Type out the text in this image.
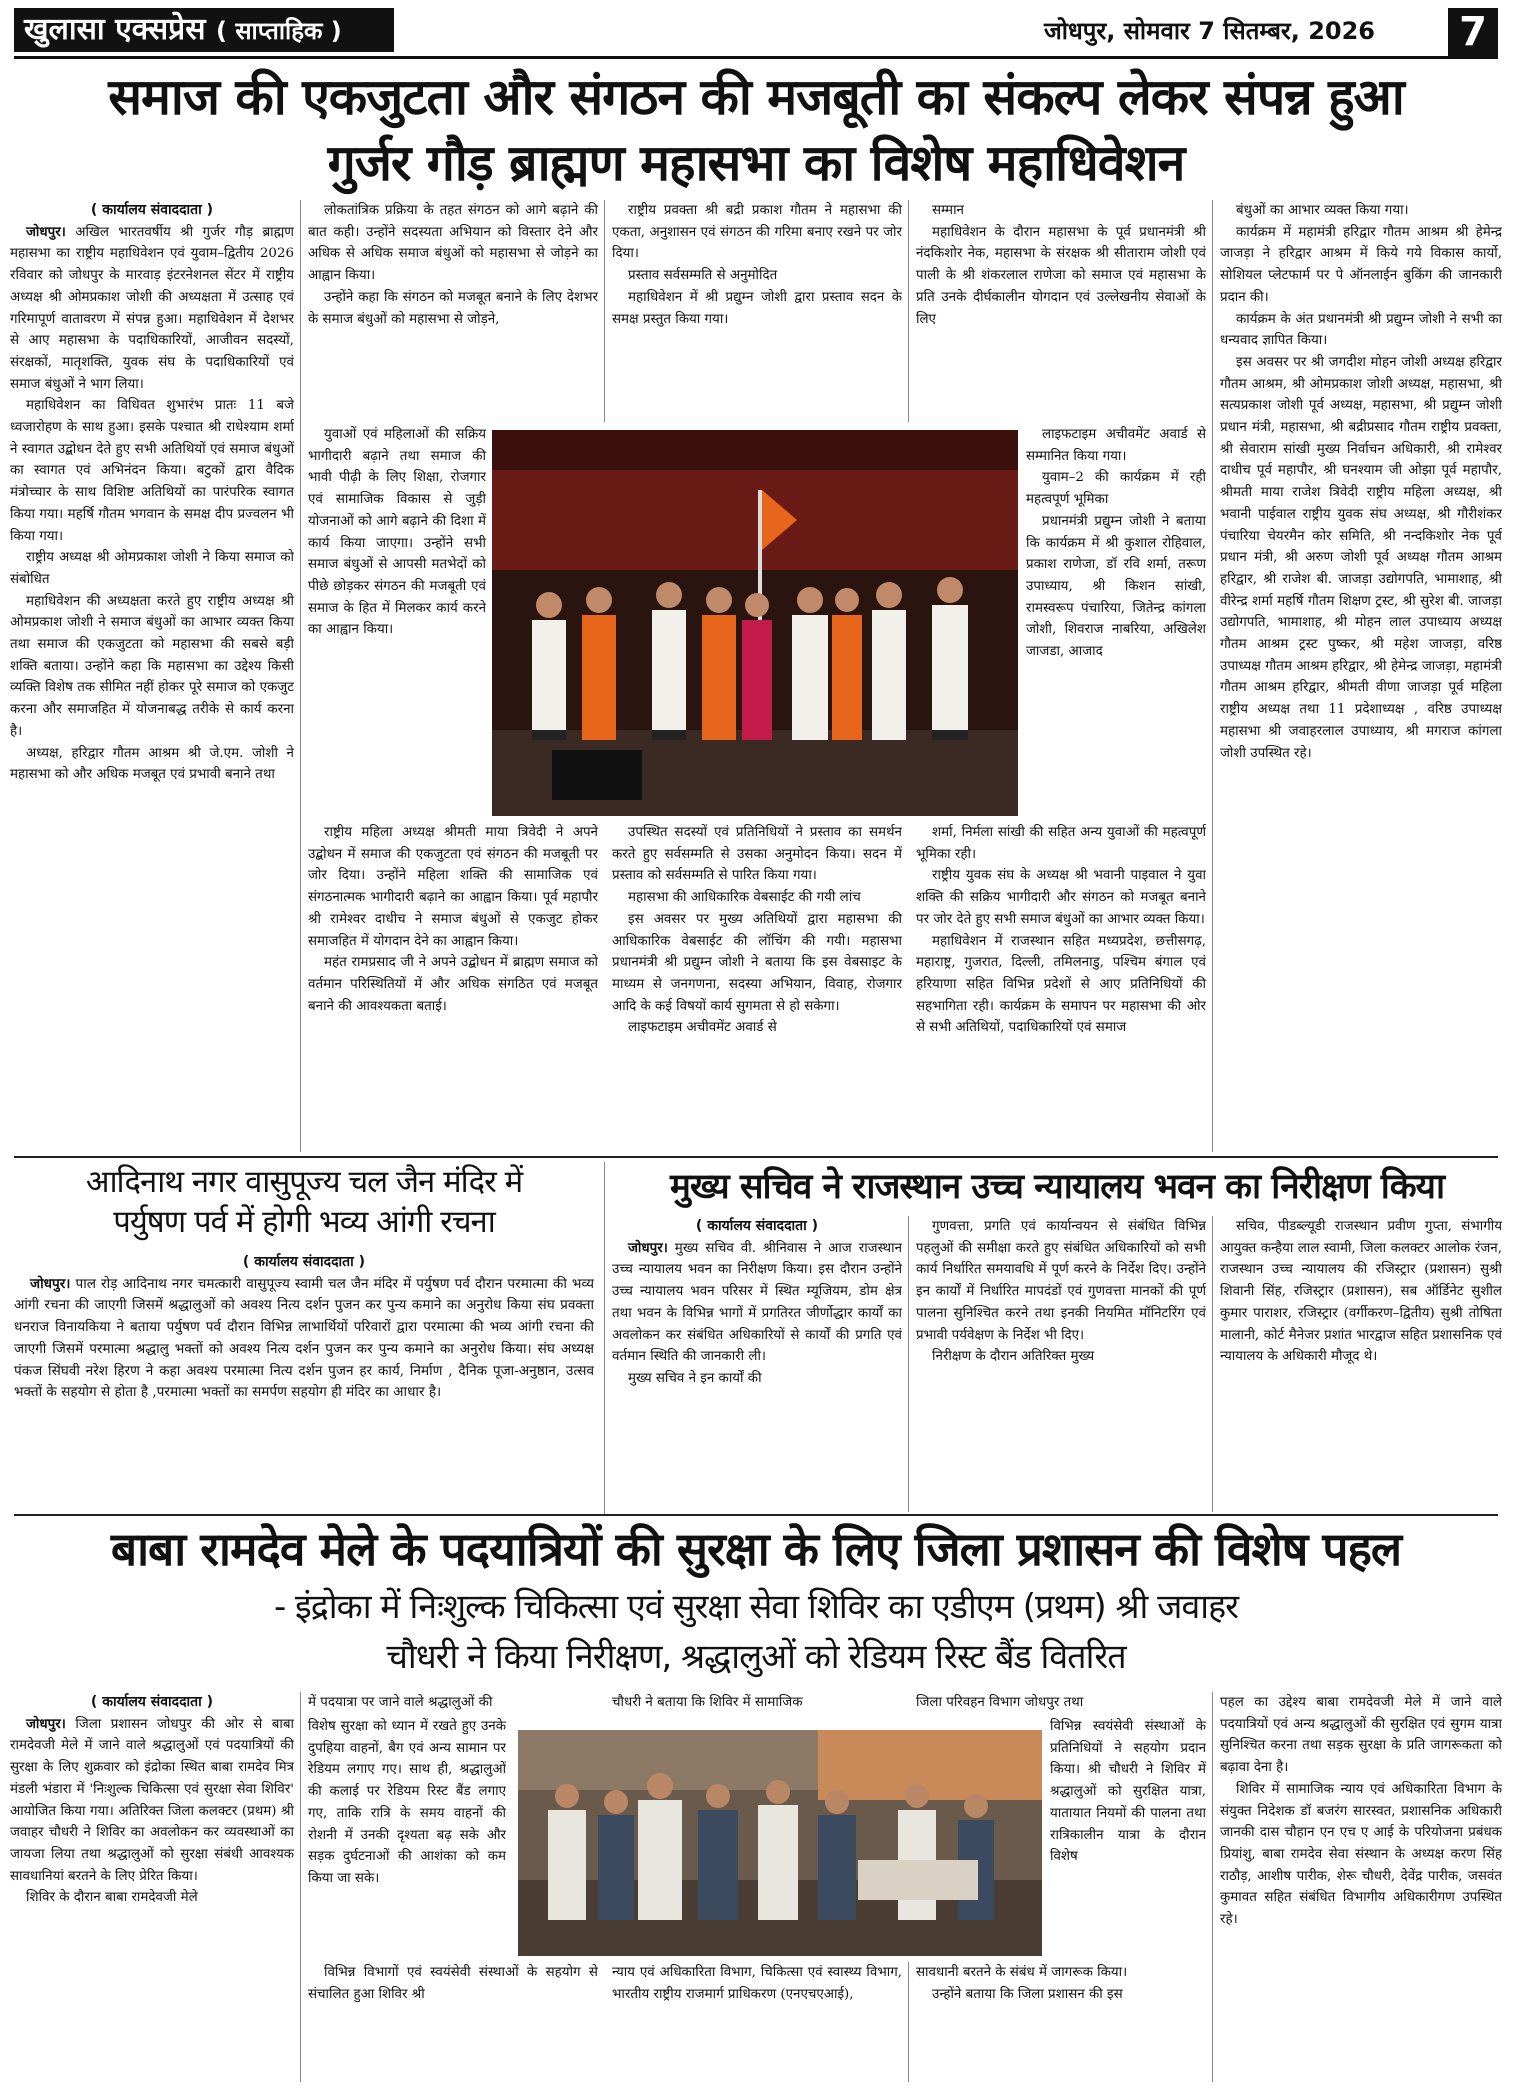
खुलासा एक्सप्रेस ( साप्ताहिक )	जोधपुर, सोमवार 7 सितम्बर, 2026 7
समाज की एकजुटता और संगठन की मजबूती का संकल्प लेकर संपन्न हुआ
गुर्जर गौड़ ब्राह्मण महासभा का विशेष महाधिवेशन

( कार्यालय संवाददाता )

जोधपुर। अखिल भारतवर्षीय श्री गुर्जर गौड़ ब्राह्मण महासभा का राष्ट्रीय महाधिवेशन एवं युवाम–द्वितीय 2026 रविवार को जोधपुर के मारवाड़ इंटरनेशनल सेंटर में राष्ट्रीय अध्यक्ष श्री ओमप्रकाश जोशी की अध्यक्षता में उत्साह एवं गरिमापूर्ण वातावरण में संपन्न हुआ। महाधिवेशन में देशभर से आए महासभा के पदाधिकारियों, आजीवन सदस्यों, संरक्षकों, मातृशक्ति, युवक संघ के पदाधिकारियों एवं समाज बंधुओं ने भाग लिया।

महाधिवेशन का विधिवत शुभारंभ प्रातः 11 बजे ध्वजारोहण के साथ हुआ। इसके पश्चात श्री राधेश्याम शर्मा ने स्वागत उद्बोधन देते हुए सभी अतिथियों एवं समाज बंधुओं का स्वागत एवं अभिनंदन किया। बटुकों द्वारा वैदिक मंत्रोच्चार के साथ विशिष्ट अतिथियों का पारंपरिक स्वागत किया गया। महर्षि गौतम भगवान के समक्ष दीप प्रज्वलन भी किया गया।

राष्ट्रीय अध्यक्ष श्री ओमप्रकाश जोशी ने किया समाज को संबोधित

महाधिवेशन की अध्यक्षता करते हुए राष्ट्रीय अध्यक्ष श्री ओमप्रकाश जोशी ने समाज बंधुओं का आभार व्यक्त किया तथा समाज की एकजुटता को महासभा की सबसे बड़ी शक्ति बताया। उन्होंने कहा कि महासभा का उद्देश्य किसी व्यक्ति विशेष तक सीमित नहीं होकर पूरे समाज को एकजुट करना और समाजहित में योजनाबद्ध तरीके से कार्य करना है।

अध्यक्ष, हरिद्वार गौतम आश्रम श्री जे.एम. जोशी ने महासभा को और अधिक मजबूत एवं प्रभावी बनाने तथा

लोकतांत्रिक प्रक्रिया के तहत संगठन को आगे बढ़ाने की बात कही। उन्होंने सदस्यता अभियान को विस्तार देने और अधिक से अधिक समाज बंधुओं को महासभा से जोड़ने का आह्वान किया।

उन्होंने कहा कि संगठन को मजबूत बनाने के लिए देशभर के समाज बंधुओं को महासभा से जोड़ने,

युवाओं एवं महिलाओं की सक्रिय भागीदारी बढ़ाने तथा समाज की भावी पीढ़ी के लिए शिक्षा, रोजगार एवं सामाजिक विकास से जुड़ी योजनाओं को आगे बढ़ाने की दिशा में कार्य किया जाएगा। उन्होंने सभी समाज बंधुओं से आपसी मतभेदों को पीछे छोड़कर संगठन की मजबूती एवं समाज के हित में मिलकर कार्य करने का आह्वान किया।

राष्ट्रीय महिला अध्यक्ष श्रीमती माया त्रिवेदी ने अपने उद्बोधन में समाज की एकजुटता एवं संगठन की मजबूती पर जोर दिया। उन्होंने महिला शक्ति की सामाजिक एवं संगठनात्मक भागीदारी बढ़ाने का आह्वान किया। पूर्व महापौर श्री रामेश्वर दाधीच ने समाज बंधुओं से एकजुट होकर समाजहित में योगदान देने का आह्वान किया।

महंत रामप्रसाद जी ने अपने उद्बोधन में ब्राह्मण समाज को वर्तमान परिस्थितियों में और अधिक संगठित एवं मजबूत बनाने की आवश्यकता बताई।

राष्ट्रीय प्रवक्ता श्री बद्री प्रकाश गौतम ने महासभा की एकता, अनुशासन एवं संगठन की गरिमा बनाए रखने पर जोर दिया।

प्रस्ताव सर्वसम्मति से अनुमोदित

महाधिवेशन में श्री प्रद्युम्न जोशी द्वारा प्रस्ताव सदन के समक्ष प्रस्तुत किया गया।

उपस्थित सदस्यों एवं प्रतिनिधियों ने प्रस्ताव का समर्थन करते हुए सर्वसम्मति से उसका अनुमोदन किया। सदन में प्रस्ताव को सर्वसम्मति से पारित किया गया।

महासभा की आधिकारिक वेबसाईट की गयी लांच

इस अवसर पर मुख्य अतिथियों द्वारा महासभा की आधिकारिक वेबसाईट की लॉचिंग की गयी। महासभा प्रधानमंत्री श्री प्रद्युम्न जोशी ने बताया कि इस वेबसाइट के माध्यम से जनगणना, सदस्या अभियान, विवाह, रोजगार आदि के कई विषयों कार्य सुगमता से हो सकेगा।

लाइफटाइम अचीवमेंट अवार्ड से

सम्मान

महाधिवेशन के दौरान महासभा के पूर्व प्रधानमंत्री श्री नंदकिशोर नेक, महासभा के संरक्षक श्री सीताराम जोशी एवं पाली के श्री शंकरलाल राणेजा को समाज एवं महासभा के प्रति उनके दीर्घकालीन योगदान एवं उल्लेखनीय सेवाओं के लिए

लाइफटाइम अचीवमेंट अवार्ड से सम्मानित किया गया।

युवाम–2 की कार्यक्रम में रही महत्वपूर्ण भूमिका

प्रधानमंत्री प्रद्युम्न जोशी ने बताया कि कार्यक्रम में श्री कुशाल रोहिवाल, प्रकाश राणेजा, डॉ रवि शर्मा, तरूण उपाध्याय, श्री किशन सांखी, रामस्वरूप पंचारिया, जितेन्द्र कांगला जोशी, शिवराज नाबरिया, अखिलेश जाजडा, आजाद

शर्मा, निर्मला सांखी की सहित अन्य युवाओं की महत्वपूर्ण भूमिका रही।

राष्ट्रीय युवक संघ के अध्यक्ष श्री भवानी पाइवाल ने युवा शक्ति की सक्रिय भागीदारी और संगठन को मजबूत बनाने पर जोर देते हुए सभी समाज बंधुओं का आभार व्यक्त किया।

महाधिवेशन में राजस्थान सहित मध्यप्रदेश, छत्तीसगढ़, महाराष्ट्र, गुजरात, दिल्ली, तमिलनाडु, पश्चिम बंगाल एवं हरियाणा सहित विभिन्न प्रदेशों से आए प्रतिनिधियों की सहभागिता रही। कार्यक्रम के समापन पर महासभा की ओर से सभी अतिथियों, पदाधिकारियों एवं समाज

बंधुओं का आभार व्यक्त किया गया।

कार्यक्रम में महामंत्री हरिद्वार गौतम आश्रम श्री हेमेन्द्र जाजड़ा ने हरिद्वार आश्रम में किये गये विकास कार्यो, सोशियल प्लेटफार्म पर पे ऑनलाईन बुकिंग की जानकारी प्रदान की।

कार्यक्रम के अंत प्रधानमंत्री श्री प्रद्युम्न जोशी ने सभी का धन्यवाद ज्ञापित किया।

इस अवसर पर श्री जगदीश मोहन जोशी अध्यक्ष हरिद्वार गौतम आश्रम, श्री ओमप्रकाश जोशी अध्यक्ष, महासभा, श्री सत्यप्रकाश जोशी पूर्व अध्यक्ष, महासभा, श्री प्रद्युम्न जोशी प्रधान मंत्री, महासभा, श्री बद्रीप्रसाद गौतम राष्ट्रीय प्रवक्ता, श्री सेवाराम सांखी मुख्य निर्वाचन अधिकारी, श्री रामेश्वर दाधीच पूर्व महापौर, श्री घनश्याम जी ओझा पूर्व महापौर, श्रीमती माया राजेश त्रिवेदी राष्ट्रीय महिला अध्यक्ष, श्री भवानी पाईवाल राष्ट्रीय युवक संघ अध्यक्ष, श्री गौरीशंकर पंचारिया चेयरमैन कोर समिति, श्री नन्दकिशोर नेक पूर्व प्रधान मंत्री, श्री अरुण जोशी पूर्व अध्यक्ष गौतम आश्रम हरिद्वार, श्री राजेश बी. जाजड़ा उद्योगपति, भामाशाह, श्री वीरेन्द्र शर्मा महर्षि गौतम शिक्षण ट्रस्ट, श्री सुरेश बी. जाजड़ा उद्योगपति, भामाशाह, श्री मोहन लाल उपाध्याय अध्यक्ष गौतम आश्रम ट्रस्ट पुष्कर, श्री महेश जाजड़ा, वरिष्ठ उपाध्यक्ष गौतम आश्रम हरिद्वार, श्री हेमेन्द्र जाजड़ा, महामंत्री गौतम आश्रम हरिद्वार, श्रीमती वीणा जाजड़ा पूर्व महिला राष्ट्रीय अध्यक्ष तथा 11 प्रदेशाध्यक्ष , वरिष्ठ उपाध्यक्ष महासभा श्री जवाहरलाल उपाध्याय, श्री मगराज कांगला जोशी उपस्थित रहे।

आदिनाथ नगर वासुपूज्य चल जैन मंदिर में
पर्युषण पर्व में होगी भव्य आंगी रचना

( कार्यालय संवाददाता )

जोधपुर। पाल रोड़ आदिनाथ नगर चमत्कारी वासुपूज्य स्वामी चल जैन मंदिर में पर्युषण पर्व दौरान परमात्मा की भव्य आंगी रचना की जाएगी जिसमें श्रद्धालुओं को अवश्य नित्य दर्शन पुजन कर पुन्य कमाने का अनुरोध किया संघ प्रवक्ता धनराज विनायकिया ने बताया पर्युषण पर्व दौरान विभिन्न लाभार्थियों परिवारों द्वारा परमात्मा की भव्य आंगी रचना की जाएगी जिसमें परमात्मा श्रद्धालु भक्तों को अवश्य नित्य दर्शन पुजन कर पुन्य कमाने का अनुरोध किया। संघ अध्यक्ष पंकज सिंघवी नरेश हिरण ने कहा अवश्य परमात्मा नित्य दर्शन पुजन हर कार्य, निर्माण , दैनिक पूजा-अनुष्ठान, उत्सव भक्तों के सहयोग से होता है ,परमात्मा भक्तों का समर्पण सहयोग ही मंदिर का आधार है।

मुख्य सचिव ने राजस्थान उच्च न्यायालय भवन का निरीक्षण किया

( कार्यालय संवाददाता )

जोधपुर। मुख्य सचिव वी. श्रीनिवास ने आज राजस्थान उच्च न्यायालय भवन का निरीक्षण किया। इस दौरान उन्होंने उच्च न्यायालय भवन परिसर में स्थित म्यूजियम, डोम क्षेत्र तथा भवन के विभिन्न भागों में प्रगतिरत जीर्णोद्धार कार्यों का अवलोकन कर संबंधित अधिकारियों से कार्यों की प्रगति एवं वर्तमान स्थिति की जानकारी ली।

मुख्य सचिव ने इन कार्यों की

गुणवत्ता, प्रगति एवं कार्यान्वयन से संबंधित विभिन्न पहलुओं की समीक्षा करते हुए संबंधित अधिकारियों को सभी कार्य निर्धारित समयावधि में पूर्ण करने के निर्देश दिए। उन्होंने इन कार्यों में निर्धारित मापदंडों एवं गुणवत्ता मानकों की पूर्ण पालना सुनिश्चित करने तथा इनकी नियमित मॉनिटरिंग एवं प्रभावी पर्यवेक्षण के निर्देश भी दिए।

निरीक्षण के दौरान अतिरिक्त मुख्य

सचिव, पीडब्ल्यूडी राजस्थान प्रवीण गुप्ता, संभागीय आयुक्त कन्हैया लाल स्वामी, जिला कलक्टर आलोक रंजन, राजस्थान उच्च न्यायालय की रजिस्ट्रार (प्रशासन) सुश्री शिवानी सिंह, रजिस्ट्रार (प्रशासन), सब ऑर्डिनेट सुशील कुमार पाराशर, रजिस्ट्रार (वर्गीकरण–द्वितीय) सुश्री तोषिता मालानी, कोर्ट मैनेजर प्रशांत भारद्वाज सहित प्रशासनिक एवं न्यायालय के अधिकारी मौजूद थे।

बाबा रामदेव मेले के पदयात्रियों की सुरक्षा के लिए जिला प्रशासन की विशेष पहल
- इंद्रोका में निःशुल्क चिकित्सा एवं सुरक्षा सेवा शिविर का एडीएम (प्रथम) श्री जवाहर
चौधरी ने किया निरीक्षण, श्रद्धालुओं को रेडियम रिस्ट बैंड वितरित

( कार्यालय संवाददाता )

जोधपुर। जिला प्रशासन जोधपुर की ओर से बाबा रामदेवजी मेले में जाने वाले श्रद्धालुओं एवं पदयात्रियों की सुरक्षा के लिए शुक्रवार को इंद्रोका स्थित बाबा रामदेव मित्र मंडली भंडारा में 'निःशुल्क चिकित्सा एवं सुरक्षा सेवा शिविर' आयोजित किया गया। अतिरिक्त जिला कलक्टर (प्रथम) श्री जवाहर चौधरी ने शिविर का अवलोकन कर व्यवस्थाओं का जायजा लिया तथा श्रद्धालुओं को सुरक्षा संबंधी आवश्यक सावधानियां बरतने के लिए प्रेरित किया।

शिविर के दौरान बाबा रामदेवजी मेले

में पदयात्रा पर जाने वाले श्रद्धालुओं की

विशेष सुरक्षा को ध्यान में रखते हुए उनके दुपहिया वाहनों, बैग एवं अन्य सामान पर रेडियम लगाए गए। साथ ही, श्रद्धालुओं की कलाई पर रेडियम रिस्ट बैंड लगाए गए, ताकि रात्रि के समय वाहनों की रोशनी में उनकी दृश्यता बढ़ सके और सड़क दुर्घटनाओं की आशंका को कम किया जा सके।

विभिन्न विभागों एवं स्वयंसेवी संस्थाओं के सहयोग से संचालित हुआ शिविर श्री

चौधरी ने बताया कि शिविर में सामाजिक

न्याय एवं अधिकारिता विभाग, चिकित्सा एवं स्वास्थ्य विभाग, भारतीय राष्ट्रीय राजमार्ग प्राधिकरण (एनएचएआई),

जिला परिवहन विभाग जोधपुर तथा

विभिन्न स्वयंसेवी संस्थाओं के प्रतिनिधियों ने सहयोग प्रदान किया। श्री चौधरी ने शिविर में श्रद्धालुओं को सुरक्षित यात्रा, यातायात नियमों की पालना तथा रात्रिकालीन यात्रा के दौरान विशेष

सावधानी बरतने के संबंध में जागरूक किया।

उन्होंने बताया कि जिला प्रशासन की इस

पहल का उद्देश्य बाबा रामदेवजी मेले में जाने वाले पदयात्रियों एवं अन्य श्रद्धालुओं की सुरक्षित एवं सुगम यात्रा सुनिश्चित करना तथा सड़क सुरक्षा के प्रति जागरूकता को बढ़ावा देना है।

शिविर में सामाजिक न्याय एवं अधिकारिता विभाग के संयुक्त निदेशक डॉ बजरंग सारस्वत, प्रशासनिक अधिकारी जानकी दास चौहान एन एच ए आई के परियोजना प्रबंधक प्रियांशु, बाबा रामदेव सेवा संस्थान के अध्यक्ष करण सिंह राठौड़, आशीष पारीक, शेरू चौधरी, देवेंद्र पारीक, जसवंत कुमावत सहित संबंधित विभागीय अधिकारीगण उपस्थित रहे।
